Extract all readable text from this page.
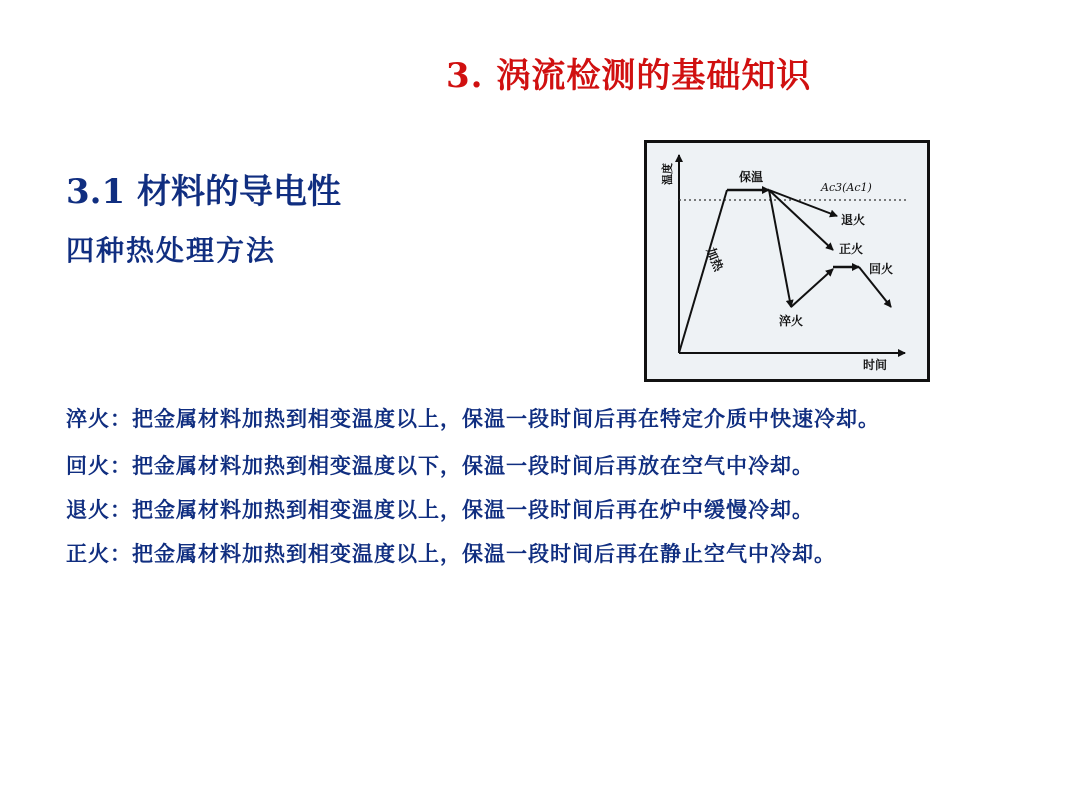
3. 涡流检测的基础知识
3.1 材料的导电性
四种热处理方法
温度
时间
保温
Ac3(Ac1)
加热
退火
正火
回火
淬火

淬火：把金属材料加热到相变温度以上，保温一段时间后再在特定介质中快速冷却。

回火：把金属材料加热到相变温度以下，保温一段时间后再放在空气中冷却。

退火：把金属材料加热到相变温度以上，保温一段时间后再在炉中缓慢冷却。

正火：把金属材料加热到相变温度以上，保温一段时间后再在静止空气中冷却。
